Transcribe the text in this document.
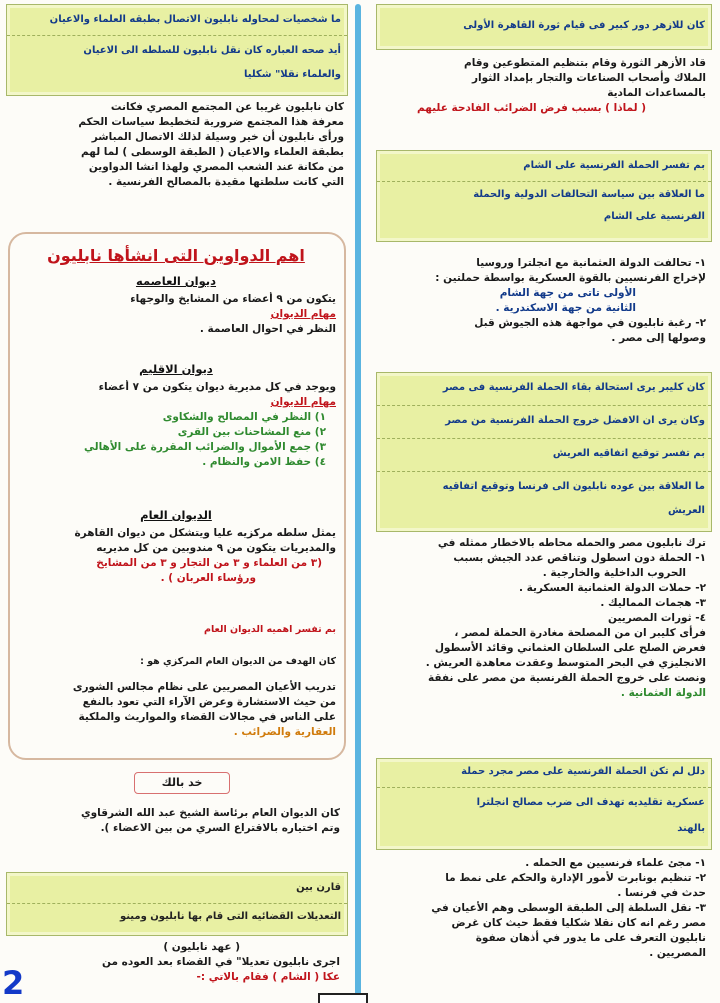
كان للازهر دور كبير فى قيام ثورة القاهرة الأولى
قاد الأزهر الثورة وقام بتنظيم المتطوعين وقام
الملاك وأصحاب الصناعات والتجار بإمداد الثوار
بالمساعدات المادية
( لماذا ) بسبب فرض الضرائب الفادحة عليهم
بم تفسر الحملة الفرنسية على الشام
ما العلاقة بين سياسة التحالفات الدولية والحملة
الفرنسية على الشام
١- تحالفت الدولة العثمانية مع انجلترا وروسيا
لإخراج الفرنسيين بالقوة العسكرية بواسطة حملتين :
الأولى تاتى من جهة الشام
الثانية من جهة الاسكندرية .
٢- رغبة نابليون في مواجهة هذه الجيوش قبل
وصولها إلى مصر .
كان كليبر يرى استحالة بقاء الحملة الفرنسية فى مصر
وكان يرى ان الافضل خروج الحملة الفرنسية من مصر
بم تفسر توقيع اتفاقيه العريش
ما العلاقة بين عوده نابليون الى فرنسا وتوقيع اتفاقيه
العريش
ترك نابليون مصر والحمله محاطه بالاخطار ممثله في
١- الحملة دون اسطول وتناقص عدد الجيش بسبب
الحروب الداخلية والخارجية .
٢- حملات الدولة العثمانية العسكرية .
٣- هجمات المماليك .
٤- ثورات المصريين
فرأى كليبر ان من المصلحة مغادرة الحملة لمصر ،
فعرض الصلح على السلطان العثماني وقائد الأسطول
الانجليزي في البحر المتوسط وعقدت معاهدة العريش .
ونصت على خروج الحملة الفرنسية من مصر على نفقة
الدولة العثمانية .
دلل لم تكن الحملة الفرنسية على مصر مجرد حملة
عسكرية تقليديه تهدف الى ضرب مصالح انجلترا
بالهند
١- مجئ علماء فرنسيين مع الحمله .
٢- تنظيم بونابرت لأمور الإدارة والحكم على نمط ما
حدث في فرنسا .
٣- نقل السلطة إلى الطبقة الوسطى وهم الأعيان في
مصر رغم انه كان نقلا شكليا فقط حيث كان غرض
نابليون التعرف على ما يدور في أذهان صفوة
المصريين .
ما شخصيات لمحاوله نابليون الاتصال بطبقه العلماء والاعيان
أيد صحه العباره كان نقل نابليون للسلطه الى الاعيان
والعلماء نقلا" شكليا
كان نابليون غريبا عن المجتمع المصري فكانت
معرفة هذا المجتمع ضرورية لتخطيط سياسات الحكم
ورأى نابليون أن خير وسيلة لذلك الاتصال المباشر
بطبقة العلماء والاعيان ( الطبقة الوسطى ) لما لهم
من مكانة عند الشعب المصري ولهذا انشا الدواوين
التي كانت سلطتها مقيدة بالمصالح الفرنسية .
اهم الدواوين التى انشأها نابليون
ديوان العاصمه
يتكون من ٩ أعضاء من المشايخ والوجهاء
مهام الديوان
النظر في احوال العاصمة .
ديوان الاقليم
ويوجد في كل مديرية ديوان يتكون من ٧ أعضاء
مهام الديوان
١) النظر في المصالح والشكاوى
٢) منع المشاحنات بين القرى
٣) جمع الأموال والضرائب المقررة على الأهالي
٤) حفظ الامن والنظام .
الديوان العام
يمثل سلطه مركزيه عليا ويتشكل من ديوان القاهرة
والمديريات يتكون من ٩ مندوبين من كل مديريه
(٣ من العلماء و ٣ من التجار و ٣ من المشايخ
ورؤساء العربان ) .
بم تفسر اهميه الديوان العام
كان الهدف من الديوان العام المركزي هو :
تدريب الأعيان المصريين على نظام مجالس الشورى
من حيث الاستشارة وعرض الآراء التي تعود بالنفع
على الناس في مجالات القضاء والمواريث والملكية
العقارية والضرائب .
خد بالك
كان الديوان العام برئاسة الشيخ عبد الله الشرقاوي
وتم اختياره بالاقتراع السري من بين الاعضاء ).
قارن بين
التعديلات القضائيه التى قام بها نابليون ومينو
( عهد نابليون )
اجرى نابليون تعديلا" في القضاء بعد العوده من
عكا ( الشام ) فقام بالاتي :-
2
